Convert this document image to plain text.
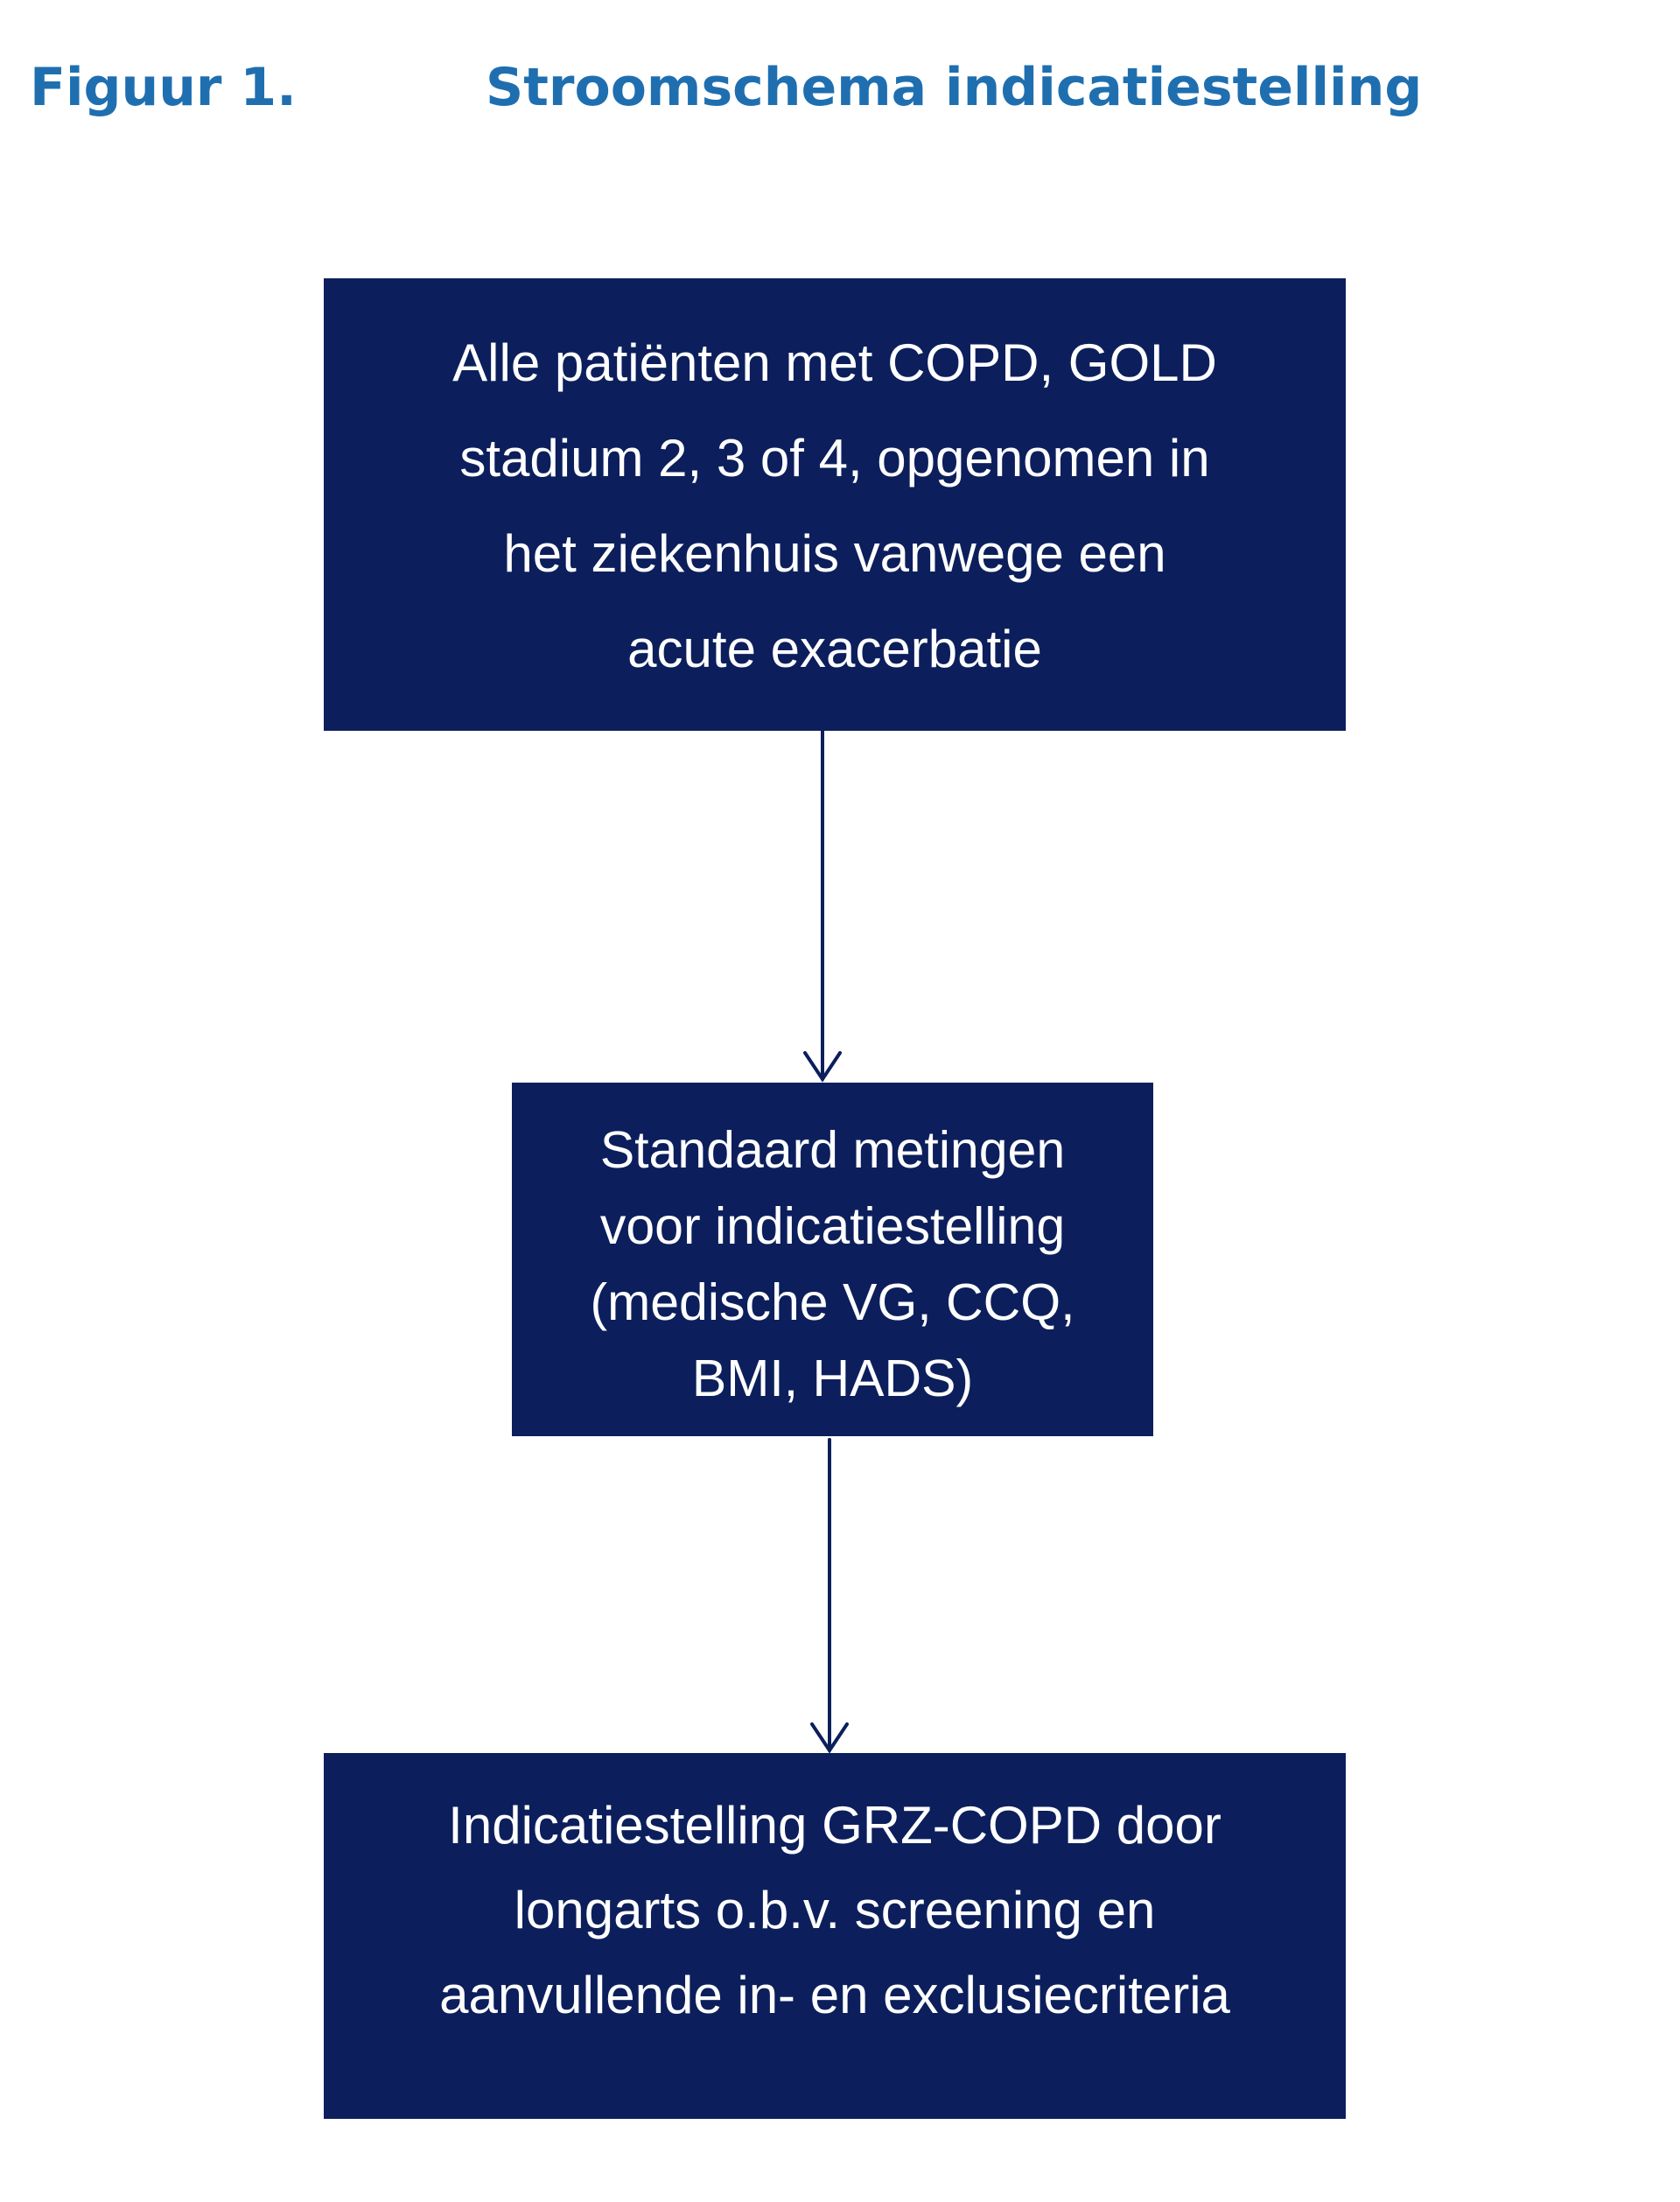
Figuur 1.	Stroomschema indicatiestelling
Alle patiënten met COPD, GOLD
stadium 2, 3 of 4, opgenomen in
het ziekenhuis vanwege een
acute exacerbatie
Standaard metingen
voor indicatiestelling
(medische VG, CCQ,
BMI, HADS)
Indicatiestelling GRZ-COPD door
longarts o.b.v. screening en
aanvullende in- en exclusiecriteria
